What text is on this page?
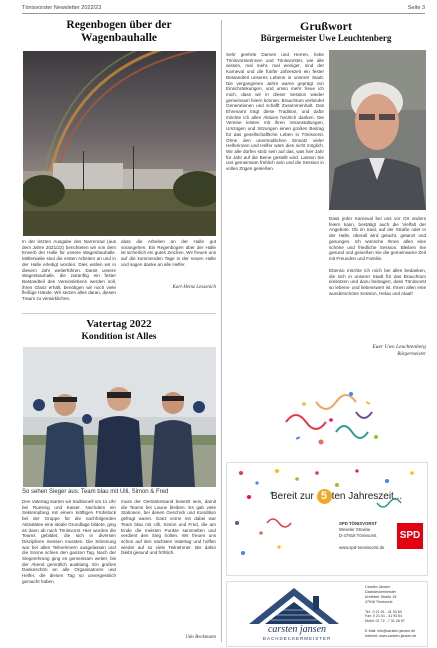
Tönisvorster Newsletter 2022/23	Seite 3
Regenbogen über der
Wagenbauhalle
In der letzten Ausgabe des Narrenrad (aus dem Jahre 2021/22) berichteten wir von dem Erwerb der Halle für unsere Wagenbauhalle. Mittlerweile sind die ersten Arbeiten an und in der Halle erledigt worden. Dies wollen wir in diesem Jahr weiterführen. Damit unsere Wagenbauhalle, die zukünftig ein fester Bestandteil des Vereinslebens werden soll, ihren Glanz erhält, benötigen wir noch viele fleißige Hände. Wir setzen alles daran, diesen Traum zu verwirklichen.
dass die Arbeiten an der Halle gut vorangehen. Ein Regenbogen über der Halle ist sicherlich ein gutes Zeichen. Wir freuen uns auf die kommenden Tage in der neuen Halle und sagen danke an alle Helfer.
Karl-Heinz Lessenich
Vatertag 2022
Kondition ist Alles
So sehen Sieger aus: Team blau mit Ulli, Simon & Fred
Den Vatertag starten wir traditionell um 11 Uhr bei Ruesing und Kaiser. Nachdem ein Sektempfang mit einem kräftigen Frühstück bei der Gruppe für die nachfolgenden Aktivitäten eine ideale Grundlage bildete, ging es dann ab nach Tönisvorst. Hier wurden die Teams gebildet, die sich in diversen Disziplinen messen mussten. Die Stimmung war bei allen Teilnehmern ausgelassen und die Sonne schien den ganzen Tag. Nach der Siegerehrung ging es gemeinsam weiter, bis der Abend gemütlich ausklang. Ein großes Dankeschön an alle Organisatoren und Helfer, die diesen Tag so unvergesslich gemacht haben.
muss der Getränkestand besetzt sein, damit die Teams bei Laune bleiben. Es gab viele Stationen, bei denen Geschick und Kondition gefragt waren. Ganz vorne mit dabei war Team blau mit Ulli, Simon und Fred, die am Ende die meisten Punkte sammelten und verdient den Sieg holten. Wir freuen uns schon auf den nächsten Vatertag und hoffen wieder auf so viele Teilnehmer. Bis dahin bleibt gesund und fröhlich.
Udo Beckmann
Grußwort
Bürgermeister Uwe Leuchtenberg
Sehr geehrte Damen und Herren, liebe Tönisvorsterinnen und Tönisvorster, wie alle wissen, mal mehr, mal weniger, sind der Karneval und die fünfte Jahreszeit ein fester Bestandteil unseres Lebens in unserer Stadt. Die vergangenen Jahre waren geprägt von Einschränkungen, und umso mehr freue ich mich, dass wir in dieser Session wieder gemeinsam feiern können. Brauchtum verbindet Generationen und schafft Zusammenhalt. Das Ehrenamt trägt diese Tradition, und dafür möchte ich allen Aktiven herzlich danken. Die Vereine leisten mit ihren Veranstaltungen, Umzügen und Sitzungen einen großen Beitrag für das gesellschaftliche Leben in Tönisvorst. Ohne den unermüdlichen Einsatz vieler Helferinnen und Helfer wäre dies nicht möglich. Wir alle dürfen stolz sein auf das, was hier Jahr für Jahr auf die Beine gestellt wird. Lassen Sie uns gemeinsam fröhlich sein und die Session in vollen Zügen genießen.
Dass jeder Karneval bei uns vor Ort anders feiern kann, bestätigt auch die Vielfalt der Angebote. Ob im Saal, auf der Straße oder in der Halle, überall wird gelacht, getanzt und gesungen. Ich wünsche Ihnen allen eine schöne und friedliche Session. Bleiben Sie gesund und genießen Sie die gemeinsame Zeit mit Freunden und Familie.
Ebenso möchte ich mich bei allen bedanken, die sich in unserer Stadt für das Brauchtum einsetzen und dazu beitragen, dass Tönisvorst so lebens- und liebenswert ist. Ihnen allen eine wunderschöne Session, Helau und Alaaf!
Euer Uwe Leuchtenberg
Bürgermeister
Bereit zur 5 ten Jahreszeit...
SPD TÖNISVORST
Weseler Strasse
D-47918 Tönisvorst
www.spd-toenisvorst.de
SPD
carsten jansen
DACHDECKERMEISTER
Carsten Jansen
Dachdeckermeister
Krefelder Straße 15
47918 Tönisvorst

Tel.: 0 21 51 - 41 93 63
Fax: 0 21 51 - 41 93 64
Mobil: 01 72 - 7 31 28 57

E-Mail: info@carsten-jansen.de
Internet: www.carsten-jansen.de
